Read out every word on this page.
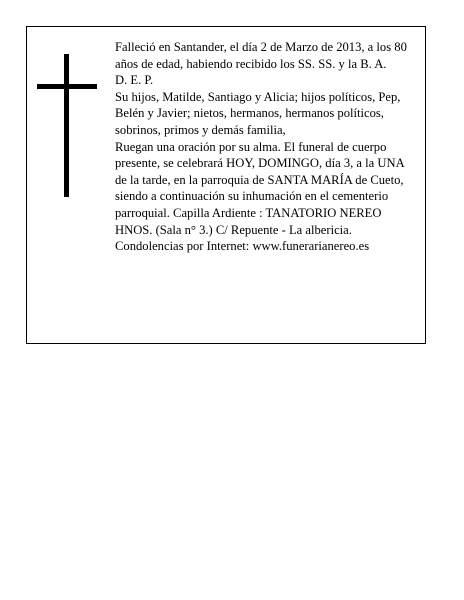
Falleció en Santander, el día 2 de Marzo de 2013, a los 80 años de edad, habiendo recibido los SS. SS. y la B. A.

D. E. P.

Su hijos, Matilde, Santiago y Alicia; hijos políticos, Pep, Belén y Javier; nietos, hermanos, hermanos políticos, sobrinos, primos y demás familia,

Ruegan una oración por su alma. El funeral de cuerpo presente, se celebrará HOY, DOMINGO, día 3, a la UNA de la tarde, en la parroquia de SANTA MARÍA de Cueto, siendo a continuación su inhumación en el cementerio parroquial. Capilla Ardiente : TANATORIO NEREO HNOS. (Sala n° 3.) C/ Repuente - La albericia.

Condolencias por Internet: www.funerarianereo.es
